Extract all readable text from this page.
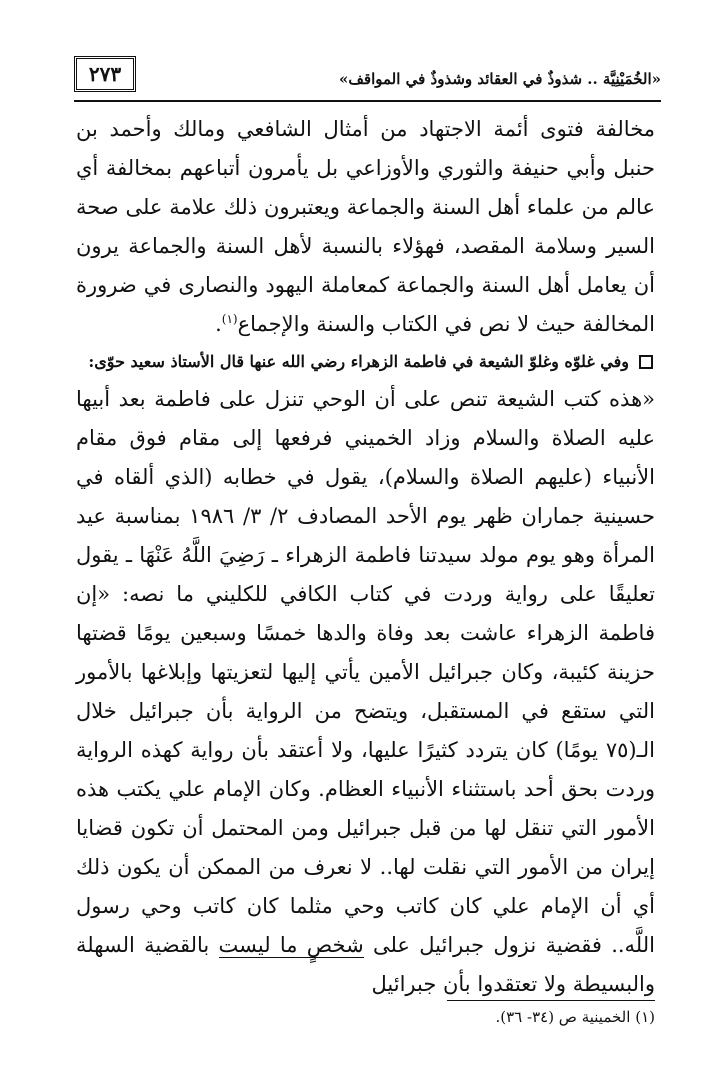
«الخُمَيْنِيَّة .. شذوذٌ في العقائد وشذوذٌ في المواقف»
٢٧٣

مخالفة فتوى أئمة الاجتهاد من أمثال الشافعي ومالك وأحمد بن حنبل وأبي حنيفة والثوري والأوزاعي بل يأمرون أتباعهم بمخالفة أي عالم من علماء أهل السنة والجماعة ويعتبرون ذلك علامة على صحة السير وسلامة المقصد، فهؤلاء بالنسبة لأهل السنة والجماعة يرون أن يعامل أهل السنة والجماعة كمعاملة اليهود والنصارى في ضرورة المخالفة حيث لا نص في الكتاب والسنة والإجماع$^{(١)}$.

وفي غلوّه وغلوّ الشيعة في فاطمة الزهراء رضي الله عنها قال الأستاذ سعيد حوّى:

«هذه كتب الشيعة تنص على أن الوحي تنزل على فاطمة بعد أبيها عليه الصلاة والسلام وزاد الخميني فرفعها إلى مقام فوق مقام الأنبياء (عليهم الصلاة والسلام)، يقول في خطابه (الذي ألقاه في حسينية جماران ظهر يوم الأحد المصادف ٢/ ٣/ ١٩٨٦ بمناسبة عيد المرأة وهو يوم مولد سيدتنا فاطمة الزهراء ـ رَضِيَ اللَّهُ عَنْهَا ـ يقول تعليقًا على رواية وردت في كتاب الكافي للكليني ما نصه: «إن فاطمة الزهراء عاشت بعد وفاة والدها خمسًا وسبعين يومًا قضتها حزينة كئيبة، وكان جبرائيل الأمين يأتي إليها لتعزيتها وإبلاغها بالأمور التي ستقع في المستقبل، ويتضح من الرواية بأن جبرائيل خلال الـ(٧٥ يومًا) كان يتردد كثيرًا عليها، ولا أعتقد بأن رواية كهذه الرواية وردت بحق أحد باستثناء الأنبياء العظام. وكان الإمام علي يكتب هذه الأمور التي تنقل لها من قبل جبرائيل ومن المحتمل أن تكون قضايا إيران من الأمور التي نقلت لها.. لا نعرف من الممكن أن يكون ذلك أي أن الإمام علي كان كاتب وحي مثلما كان كاتب وحي رسول اللَّه.. فقضية نزول جبرائيل على شخصٍ ما ليست بالقضية السهلة والبسيطة ولا تعتقدوا بأن جبرائيل

(١) الخمينية ص (٣٤- ٣٦).
